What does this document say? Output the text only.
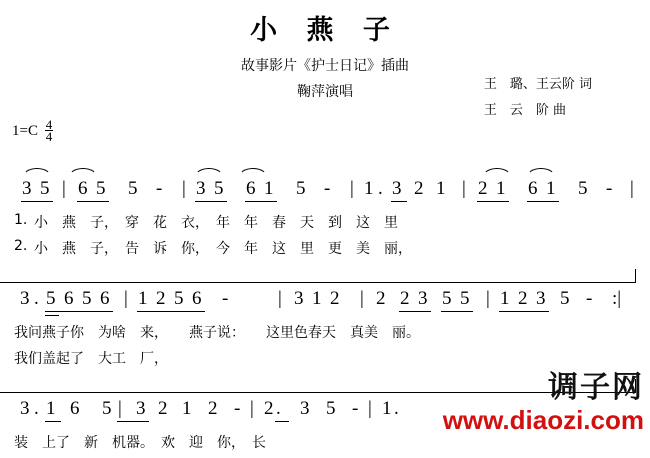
小 燕 子
故事影片《护士日记》插曲
鞠萍演唱	王　璐、王云阶 词
王　云　阶 曲
$1=C \frac{4}{4}$
3 5 | 6 5 5 - | 3 5 6 1 5 - | 1 . 3 2 1 | 2 1 6 1 5 - |
1. 小　燕　子，　穿　花　衣，　年　年　春　天　到　这　里
2. 小　燕　子，　告　诉　你，　今　年　这　里　更　美　丽，
3 . 5 6 5 6 | 1 2 5 6 -	| 3 1 2 | 2 2 3 5 5 | 1 2 3 5 - :|
我问燕子你　为啥　来，　　燕子说：　　这里色春天　真美　丽。
我们盖起了　大工　厂，
3 . 1 6 5 | 3 2 1 2 - | 2 . 3 5 - | 1 .
装　上了　新　机器。　欢　迎　你，　长
调子网
www.diaozi.com
